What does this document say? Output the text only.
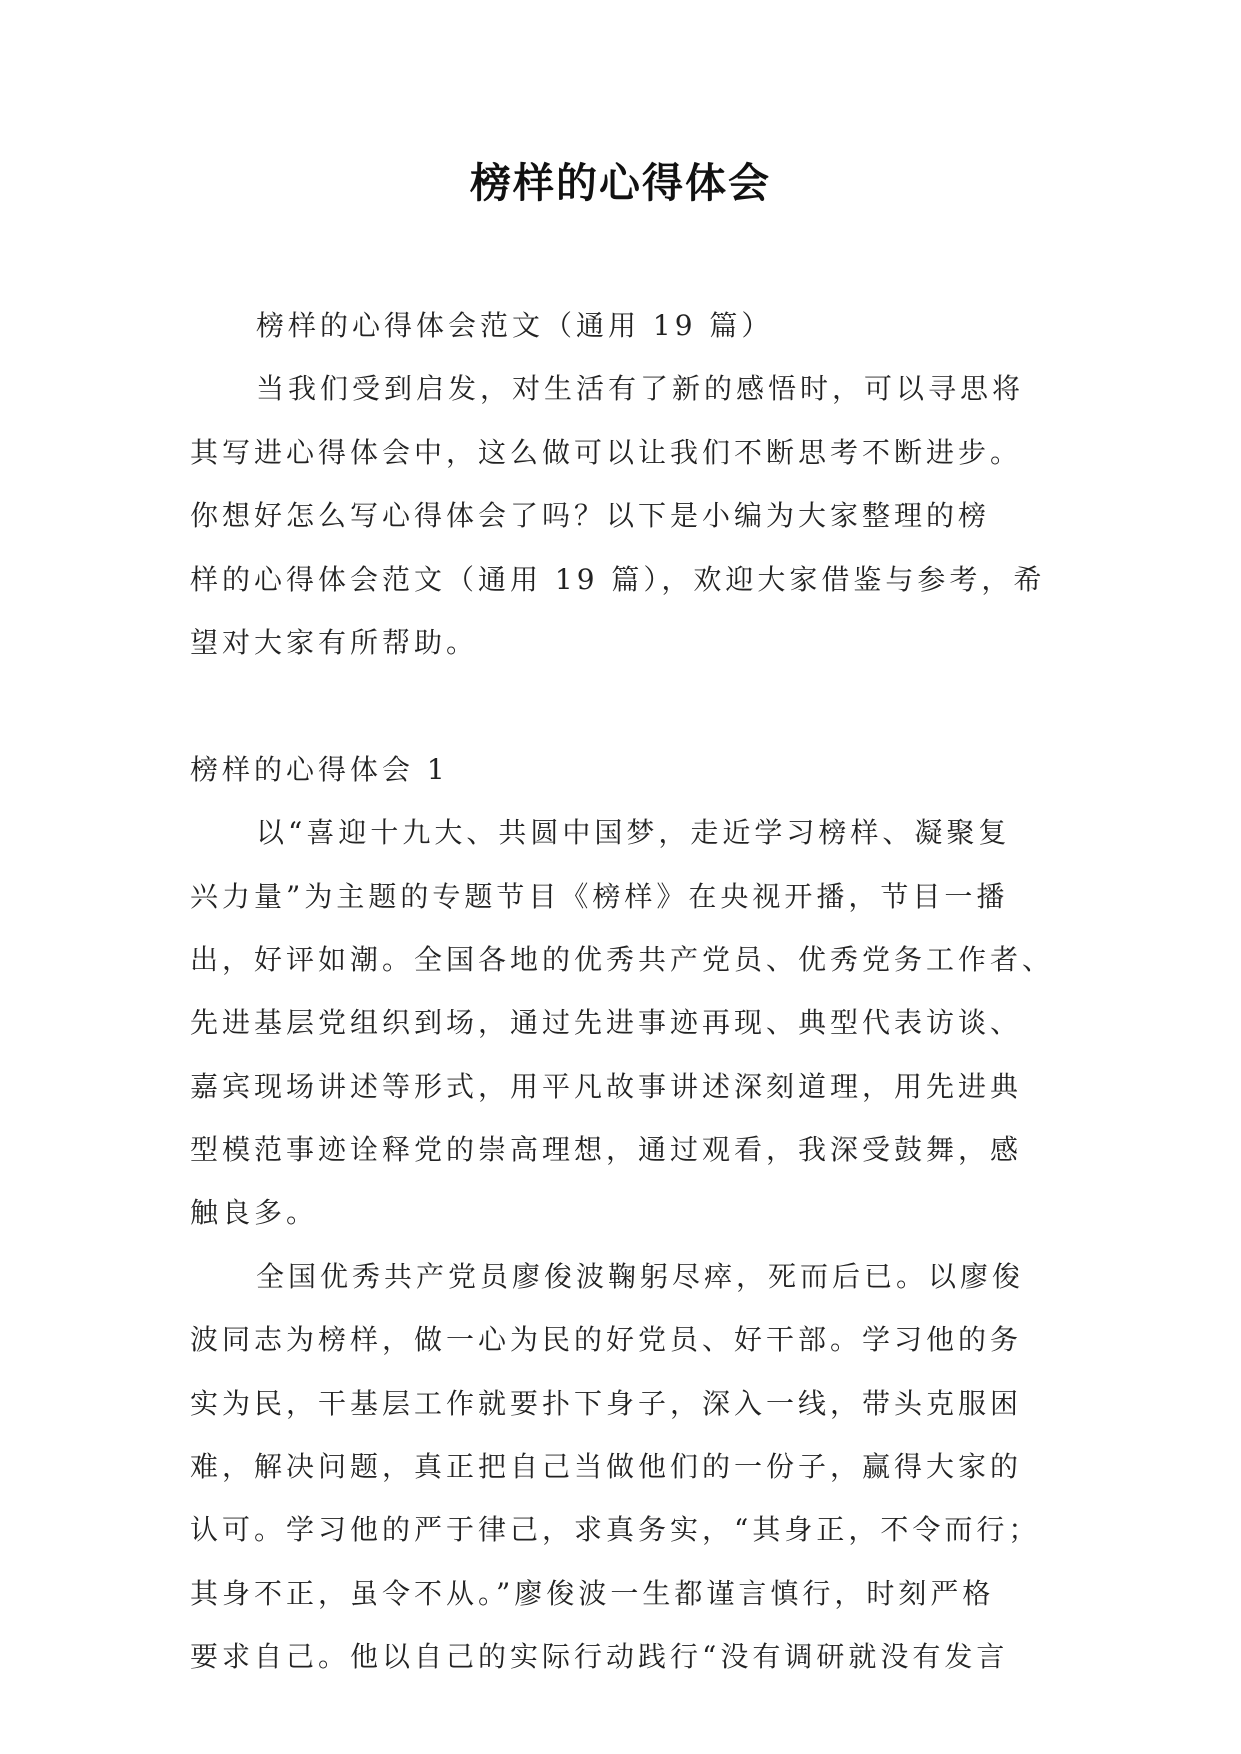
榜样的心得体会
榜样的心得体会范文（通用 19 篇）
当我们受到启发，对生活有了新的感悟时，可以寻思将
其写进心得体会中，这么做可以让我们不断思考不断进步。
你想好怎么写心得体会了吗？以下是小编为大家整理的榜
样的心得体会范文（通用 19 篇），欢迎大家借鉴与参考，希
望对大家有所帮助。
榜样的心得体会 1
以“喜迎十九大、共圆中国梦，走近学习榜样、凝聚复
兴力量”为主题的专题节目《榜样》在央视开播，节目一播
出，好评如潮。全国各地的优秀共产党员、优秀党务工作者、
先进基层党组织到场，通过先进事迹再现、典型代表访谈、
嘉宾现场讲述等形式，用平凡故事讲述深刻道理，用先进典
型模范事迹诠释党的崇高理想，通过观看，我深受鼓舞，感
触良多。
全国优秀共产党员廖俊波鞠躬尽瘁，死而后已。以廖俊
波同志为榜样，做一心为民的好党员、好干部。学习他的务
实为民，干基层工作就要扑下身子，深入一线，带头克服困
难，解决问题，真正把自己当做他们的一份子，赢得大家的
认可。学习他的严于律己，求真务实，“其身正，不令而行；
其身不正，虽令不从。”廖俊波一生都谨言慎行，时刻严格
要求自己。他以自己的实际行动践行“没有调研就没有发言
